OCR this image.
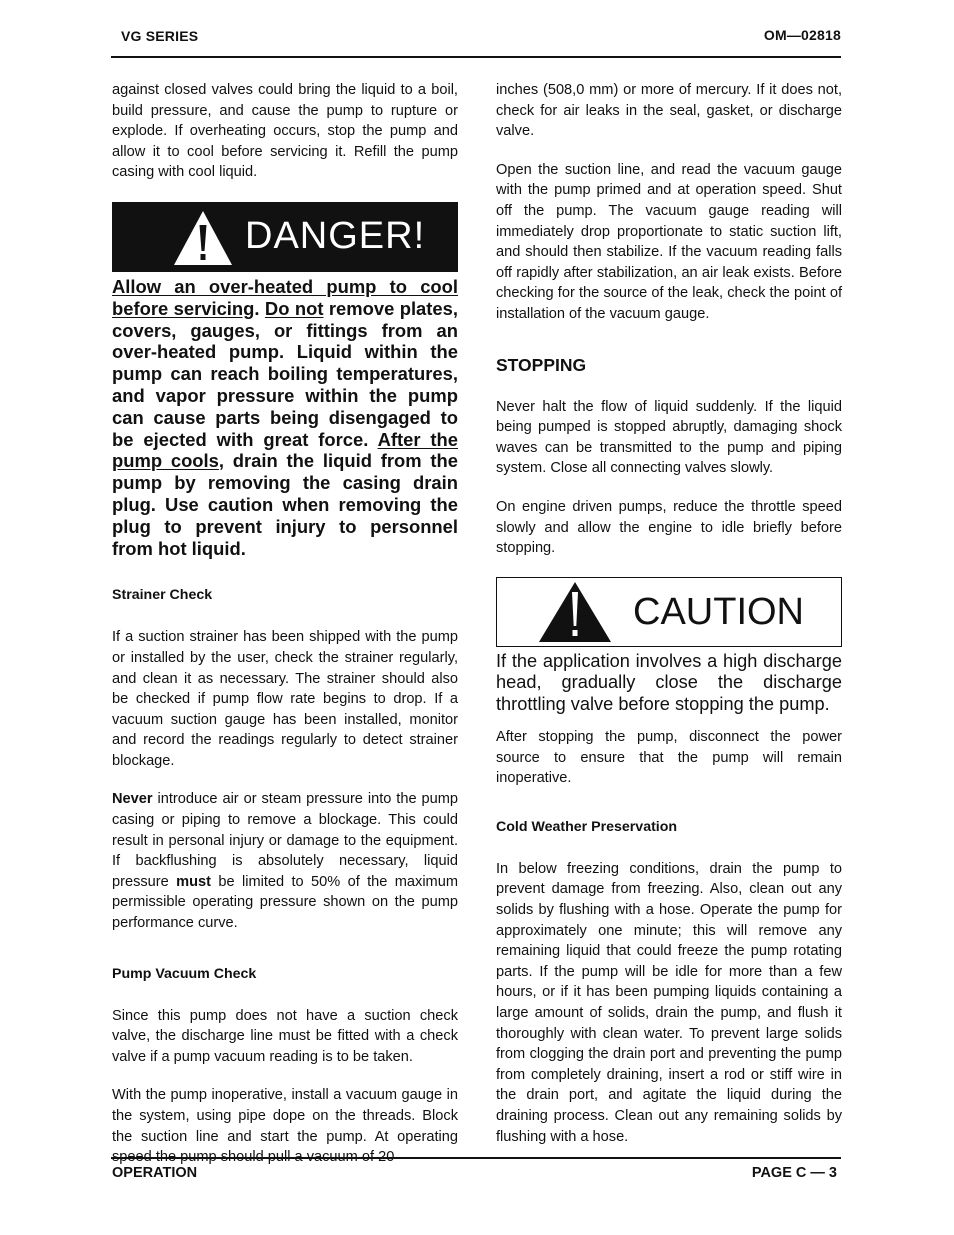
VG SERIES	OM—02818

against closed valves could bring the liquid to a boil, build pressure, and cause the pump to rupture or explode. If overheating occurs, stop the pump and allow it to cool before servicing it. Refill the pump casing with cool liquid.

DANGER!
Allow an over-heated pump to cool before servicing. Do not remove plates, covers, gauges, or fittings from an over-heated pump. Liquid within the pump can reach boiling temperatures, and vapor pressure within the pump can cause parts being disengaged to be ejected with great force. After the pump cools, drain the liquid from the pump by removing the casing drain plug. Use caution when removing the plug to prevent injury to personnel from hot liquid.

Strainer Check

If a suction strainer has been shipped with the pump or installed by the user, check the strainer regularly, and clean it as necessary. The strainer should also be checked if pump flow rate begins to drop. If a vacuum suction gauge has been installed, monitor and record the readings regularly to detect strainer blockage.

Never introduce air or steam pressure into the pump casing or piping to remove a blockage. This could result in personal injury or damage to the equipment. If backflushing is absolutely necessary, liquid pressure must be limited to 50% of the maximum permissible operating pressure shown on the pump performance curve.

Pump Vacuum Check

Since this pump does not have a suction check valve, the discharge line must be fitted with a check valve if a pump vacuum reading is to be taken.

With the pump inoperative, install a vacuum gauge in the system, using pipe dope on the threads. Block the suction line and start the pump. At operating speed the pump should pull a vacuum of 20

inches (508,0 mm) or more of mercury. If it does not, check for air leaks in the seal, gasket, or discharge valve.

Open the suction line, and read the vacuum gauge with the pump primed and at operation speed. Shut off the pump. The vacuum gauge reading will immediately drop proportionate to static suction lift, and should then stabilize. If the vacuum reading falls off rapidly after stabilization, an air leak exists. Before checking for the source of the leak, check the point of installation of the vacuum gauge.

STOPPING

Never halt the flow of liquid suddenly. If the liquid being pumped is stopped abruptly, damaging shock waves can be transmitted to the pump and piping system. Close all connecting valves slowly.

On engine driven pumps, reduce the throttle speed slowly and allow the engine to idle briefly before stopping.

CAUTION
If the application involves a high discharge head, gradually close the discharge throttling valve before stopping the pump.

After stopping the pump, disconnect the power source to ensure that the pump will remain inoperative.

Cold Weather Preservation

In below freezing conditions, drain the pump to prevent damage from freezing. Also, clean out any solids by flushing with a hose. Operate the pump for approximately one minute; this will remove any remaining liquid that could freeze the pump rotating parts. If the pump will be idle for more than a few hours, or if it has been pumping liquids containing a large amount of solids, drain the pump, and flush it thoroughly with clean water. To prevent large solids from clogging the drain port and preventing the pump from completely draining, insert a rod or stiff wire in the drain port, and agitate the liquid during the draining process. Clean out any remaining solids by flushing with a hose.

OPERATION	PAGE C — 3
